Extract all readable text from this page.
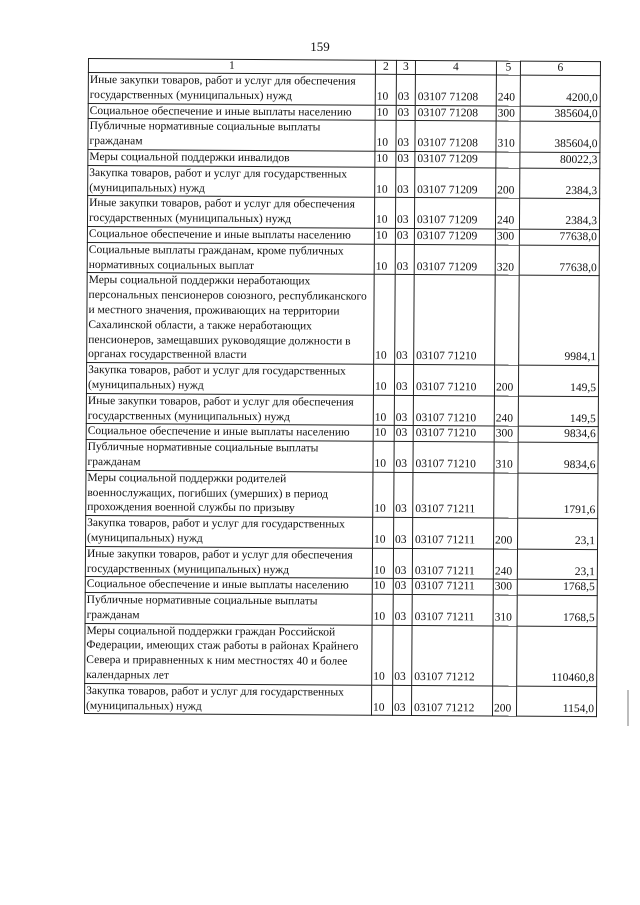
159
1	2	3	4	5	6
Иные закупки товаров, работ и услуг для обеспечения государственных (муниципальных) нужд	10	03	03107 71208	240	4200,0
Социальное обеспечение и иные выплаты населению	10	03	03107 71208	300	385604,0
Публичные нормативные социальные выплаты гражданам	10	03	03107 71208	310	385604,0
Меры социальной поддержки инвалидов	10	03	03107 71209		80022,3
Закупка товаров, работ и услуг для государственных (муниципальных) нужд	10	03	03107 71209	200	2384,3
Иные закупки товаров, работ и услуг для обеспечения государственных (муниципальных) нужд	10	03	03107 71209	240	2384,3
Социальное обеспечение и иные выплаты населению	10	03	03107 71209	300	77638,0
Социальные выплаты гражданам, кроме публичных нормативных социальных выплат	10	03	03107 71209	320	77638,0
Меры социальной поддержки неработающих персональных пенсионеров союзного, республиканского и местного значения, проживающих на территории Сахалинской области, а также неработающих пенсионеров, замещавших руководящие должности в органах государственной власти	10	03	03107 71210		9984,1
Закупка товаров, работ и услуг для государственных (муниципальных) нужд	10	03	03107 71210	200	149,5
Иные закупки товаров, работ и услуг для обеспечения государственных (муниципальных) нужд	10	03	03107 71210	240	149,5
Социальное обеспечение и иные выплаты населению	10	03	03107 71210	300	9834,6
Публичные нормативные социальные выплаты гражданам	10	03	03107 71210	310	9834,6
Меры социальной поддержки родителей военнослужащих, погибших (умерших) в период прохождения военной службы по призыву	10	03	03107 71211		1791,6
Закупка товаров, работ и услуг для государственных (муниципальных) нужд	10	03	03107 71211	200	23,1
Иные закупки товаров, работ и услуг для обеспечения государственных (муниципальных) нужд	10	03	03107 71211	240	23,1
Социальное обеспечение и иные выплаты населению	10	03	03107 71211	300	1768,5
Публичные нормативные социальные выплаты гражданам	10	03	03107 71211	310	1768,5
Меры социальной поддержки граждан Российской Федерации, имеющих стаж работы в районах Крайнего Севера и приравненных к ним местностях 40 и более календарных лет	10	03	03107 71212		110460,8
Закупка товаров, работ и услуг для государственных (муниципальных) нужд	10	03	03107 71212	200	1154,0
